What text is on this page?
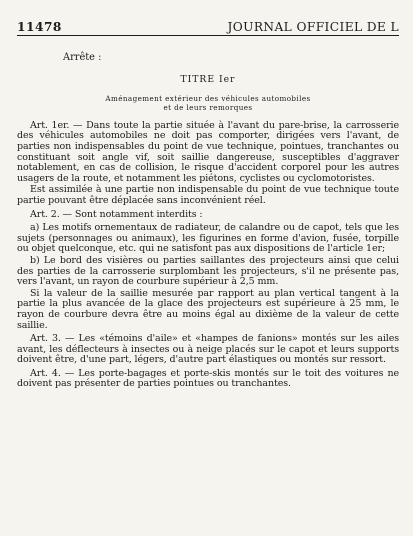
11478	JOURNAL OFFICIEL DE L
Arrête :
TITRE Ier
Aménagement extérieur des véhicules automobiles
et de leurs remorques

Art. 1er. — Dans toute la partie située à l'avant du pare-brise, la carrosserie des véhicules automobiles ne doit pas comporter, dirigées vers l'avant, de parties non indispensables du point de vue technique, pointues, tranchantes ou constituant soit angle vif, soit saillie dangereuse, susceptibles d'aggraver notablement, en cas de collision, le risque d'accident corporel pour les autres usagers de la route, et notamment les piétons, cyclistes ou cyclomotoristes.

Est assimilée à une partie non indispensable du point de vue technique toute partie pouvant être déplacée sans inconvénient réel.

Art. 2. — Sont notamment interdits :

a) Les motifs ornementaux de radiateur, de calandre ou de capot, tels que les sujets (personnages ou animaux), les figurines en forme d'avion, fusée, torpille ou objet quelconque, etc. qui ne satisfont pas aux dispositions de l'article 1er;

b) Le bord des visières ou parties saillantes des projecteurs ainsi que celui des parties de la carrosserie surplombant les projecteurs, s'il ne présente pas, vers l'avant, un rayon de courbure supérieur à 2,5 mm.

Si la valeur de la saillie mesurée par rapport au plan vertical tangent à la partie la plus avancée de la glace des projecteurs est supérieure à 25 mm, le rayon de courbure devra être au moins égal au dixième de la valeur de cette saillie.

Art. 3. — Les «témoins d'aile» et «hampes de fanions» montés sur les ailes avant, les déflecteurs à insectes ou à neige placés sur le capot et leurs supports doivent être, d'une part, légers, d'autre part élastiques ou montés sur ressort.

Art. 4. — Les porte-bagages et porte-skis montés sur le toit des voitures ne doivent pas présenter de parties pointues ou tranchantes.
